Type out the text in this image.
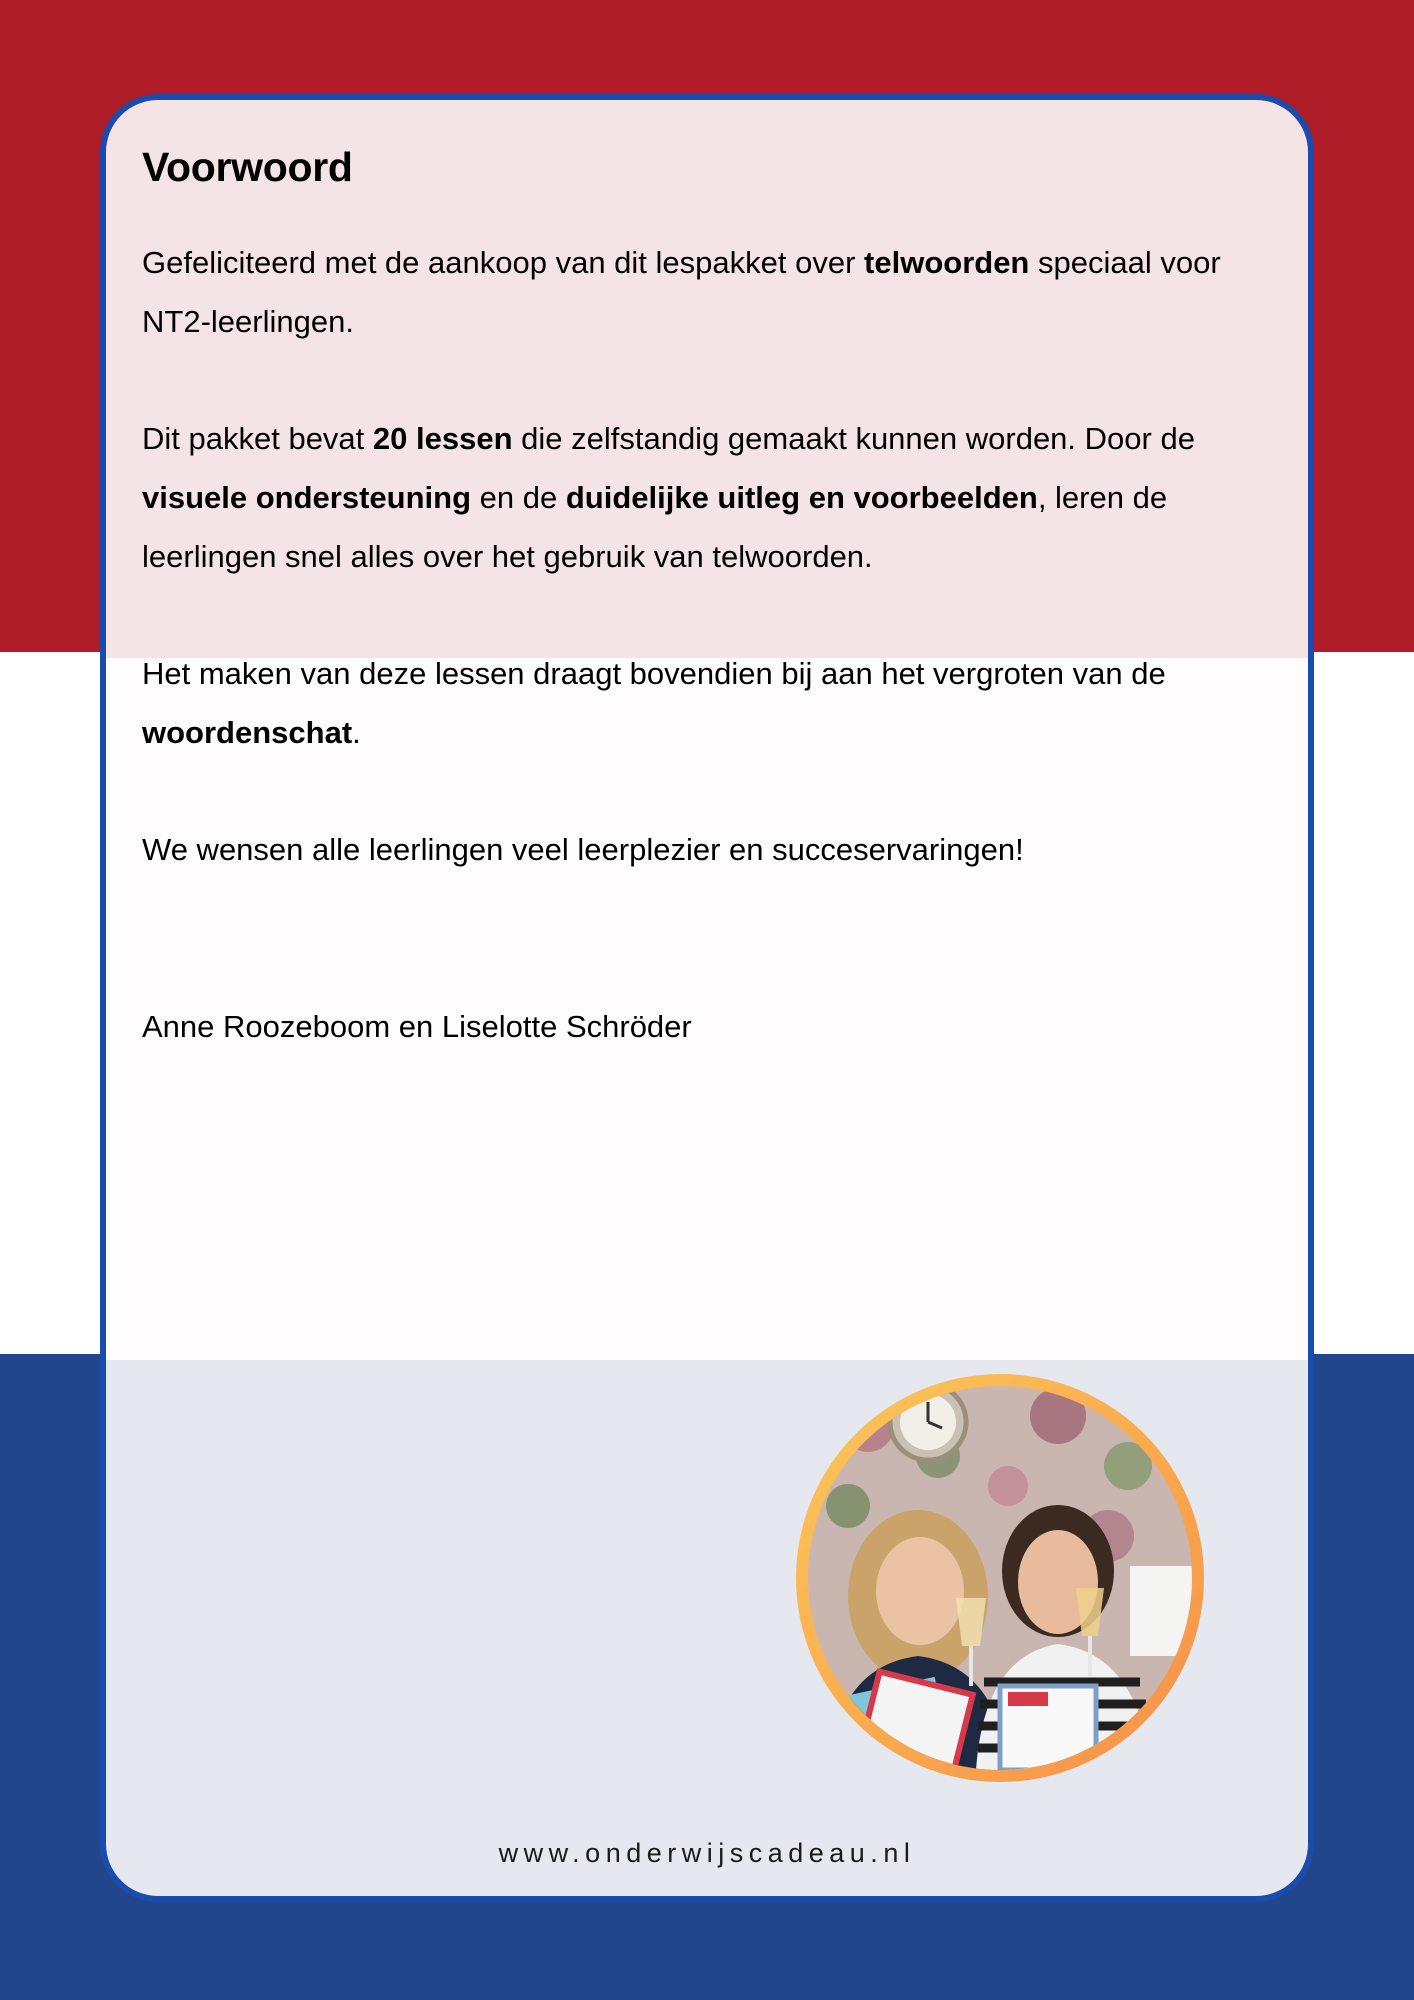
Voorwoord

Gefeliciteerd met de aankoop van dit lespakket over telwoorden speciaal voor NT2-leerlingen.

Dit pakket bevat 20 lessen die zelfstandig gemaakt kunnen worden. Door de visuele ondersteuning en de duidelijke uitleg en voorbeelden, leren de leerlingen snel alles over het gebruik van telwoorden.

Het maken van deze lessen draagt bovendien bij aan het vergroten van de woordenschat.

We wensen alle leerlingen veel leerplezier en succeservaringen!

Anne Roozeboom en Liselotte Schröder
www.onderwijscadeau.nl
